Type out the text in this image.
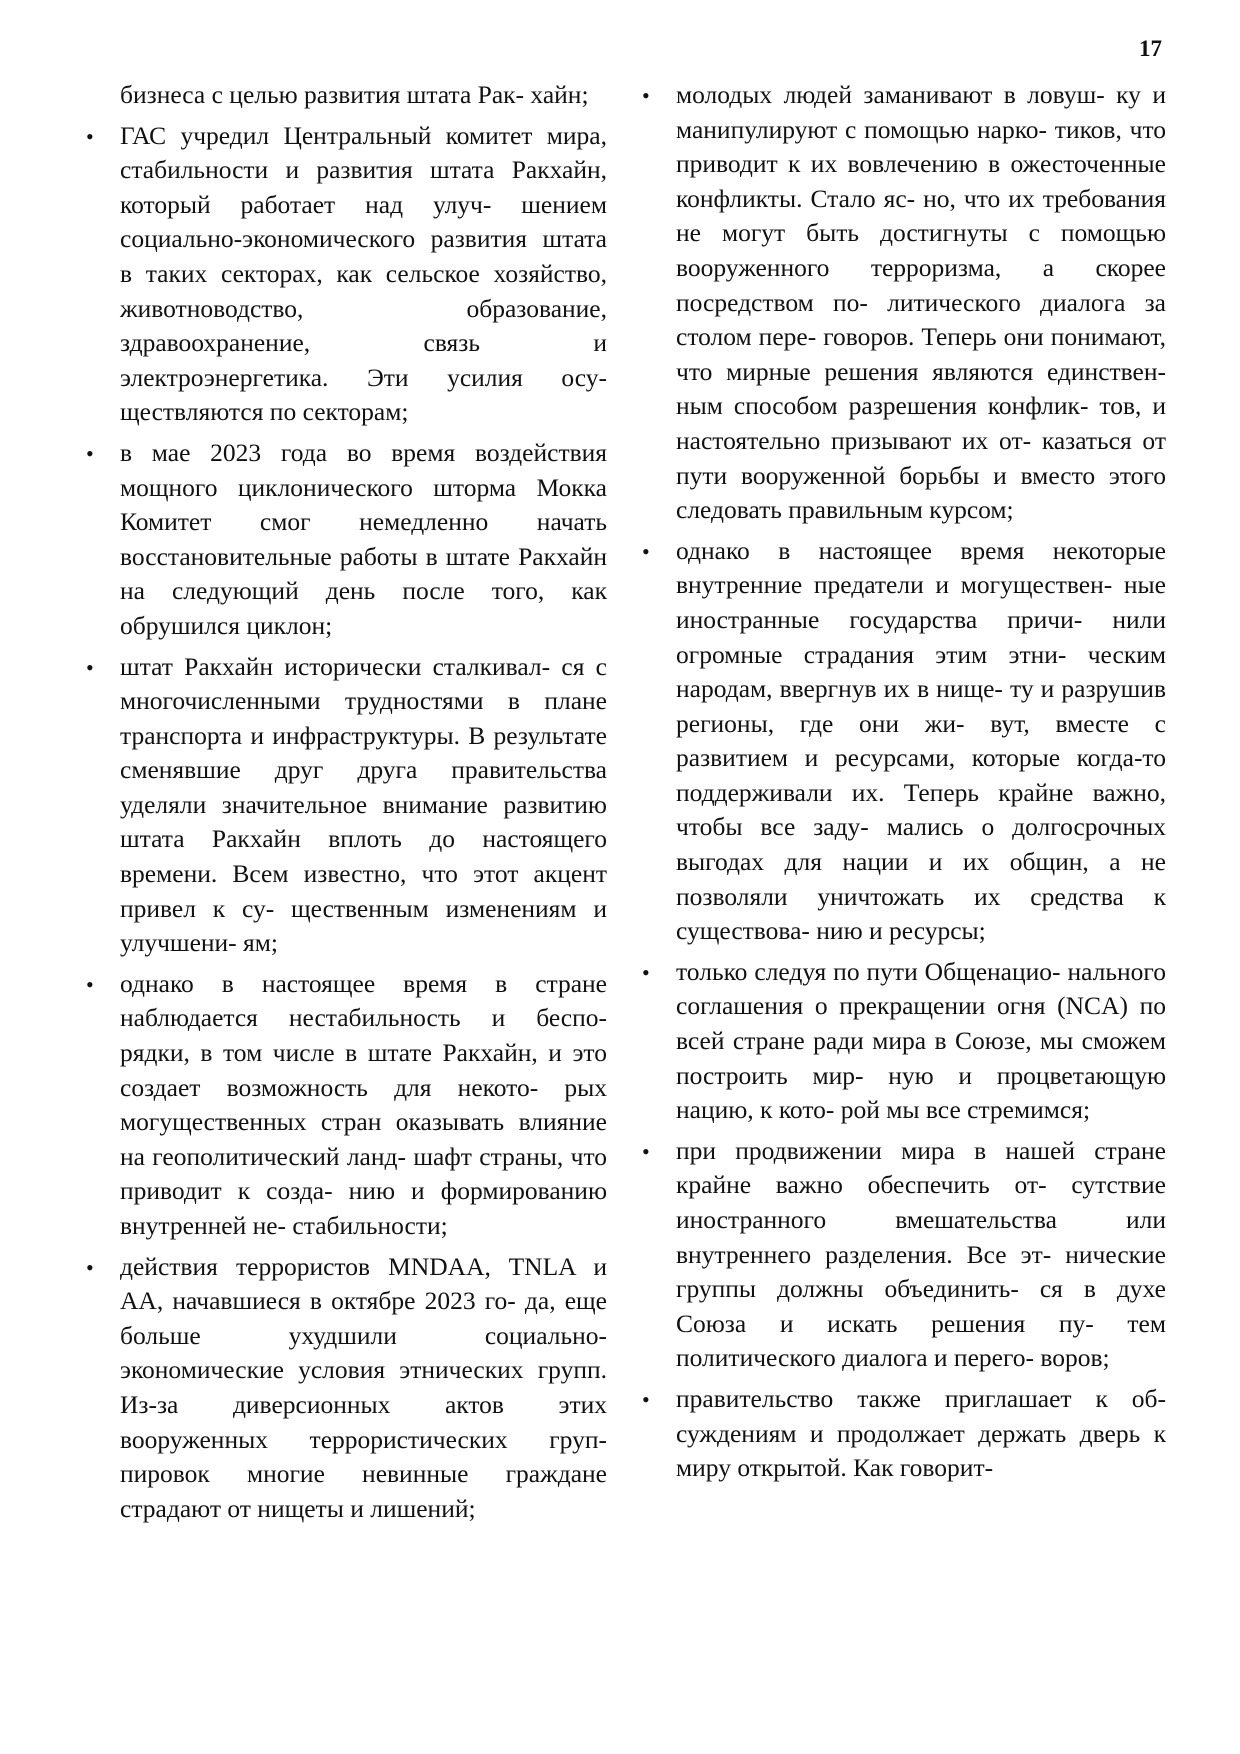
17
бизнеса с целью развития штата Рак- хайн;
• ГАС учредил Центральный комитет мира, стабильности и развития штата Ракхайн, который работает над улуч- шением социально-экономического развития штата в таких секторах, как сельское хозяйство, животноводство, образование, здравоохранение, связь и электроэнергетика. Эти усилия осу- ществляются по секторам;
• в мае 2023 года во время воздействия мощного циклонического шторма Мокка Комитет смог немедленно начать восстановительные работы в штате Ракхайн на следующий день после того, как обрушился циклон;
• штат Ракхайн исторически сталкивал- ся с многочисленными трудностями в плане транспорта и инфраструктуры. В результате сменявшие друг друга правительства уделяли значительное внимание развитию штата Ракхайн вплоть до настоящего времени. Всем известно, что этот акцент привел к су- щественным изменениям и улучшени- ям;
• однако в настоящее время в стране наблюдается нестабильность и беспо- рядки, в том числе в штате Ракхайн, и это создает возможность для некото- рых могущественных стран оказывать влияние на геополитический ланд- шафт страны, что приводит к созда- нию и формированию внутренней не- стабильности;
• действия террористов MNDAA, TNLA и AA, начавшиеся в октябре 2023 го- да, еще больше ухудшили социально- экономические условия этнических групп. Из-за диверсионных актов этих вооруженных террористических груп- пировок многие невинные граждане страдают от нищеты и лишений;
• молодых людей заманивают в ловуш- ку и манипулируют с помощью нарко- тиков, что приводит к их вовлечению в ожесточенные конфликты. Стало яс- но, что их требования не могут быть достигнуты с помощью вооруженного терроризма, а скорее посредством по- литического диалога за столом пере- говоров. Теперь они понимают, что мирные решения являются единствен- ным способом разрешения конфлик- тов, и настоятельно призывают их от- казаться от пути вооруженной борьбы и вместо этого следовать правильным курсом;
• однако в настоящее время некоторые внутренние предатели и могуществен- ные иностранные государства причи- нили огромные страдания этим этни- ческим народам, ввергнув их в нище- ту и разрушив регионы, где они жи- вут, вместе с развитием и ресурсами, которые когда-то поддерживали их. Теперь крайне важно, чтобы все заду- мались о долгосрочных выгодах для нации и их общин, а не позволяли уничтожать их средства к существова- нию и ресурсы;
• только следуя по пути Общенацио- нального соглашения о прекращении огня (NCA) по всей стране ради мира в Союзе, мы сможем построить мир- ную и процветающую нацию, к кото- рой мы все стремимся;
• при продвижении мира в нашей стране крайне важно обеспечить от- сутствие иностранного вмешательства или внутреннего разделения. Все эт- нические группы должны объединить- ся в духе Союза и искать решения пу- тем политического диалога и перего- воров;
• правительство также приглашает к об- суждениям и продолжает держать дверь к миру открытой. Как говорит-
